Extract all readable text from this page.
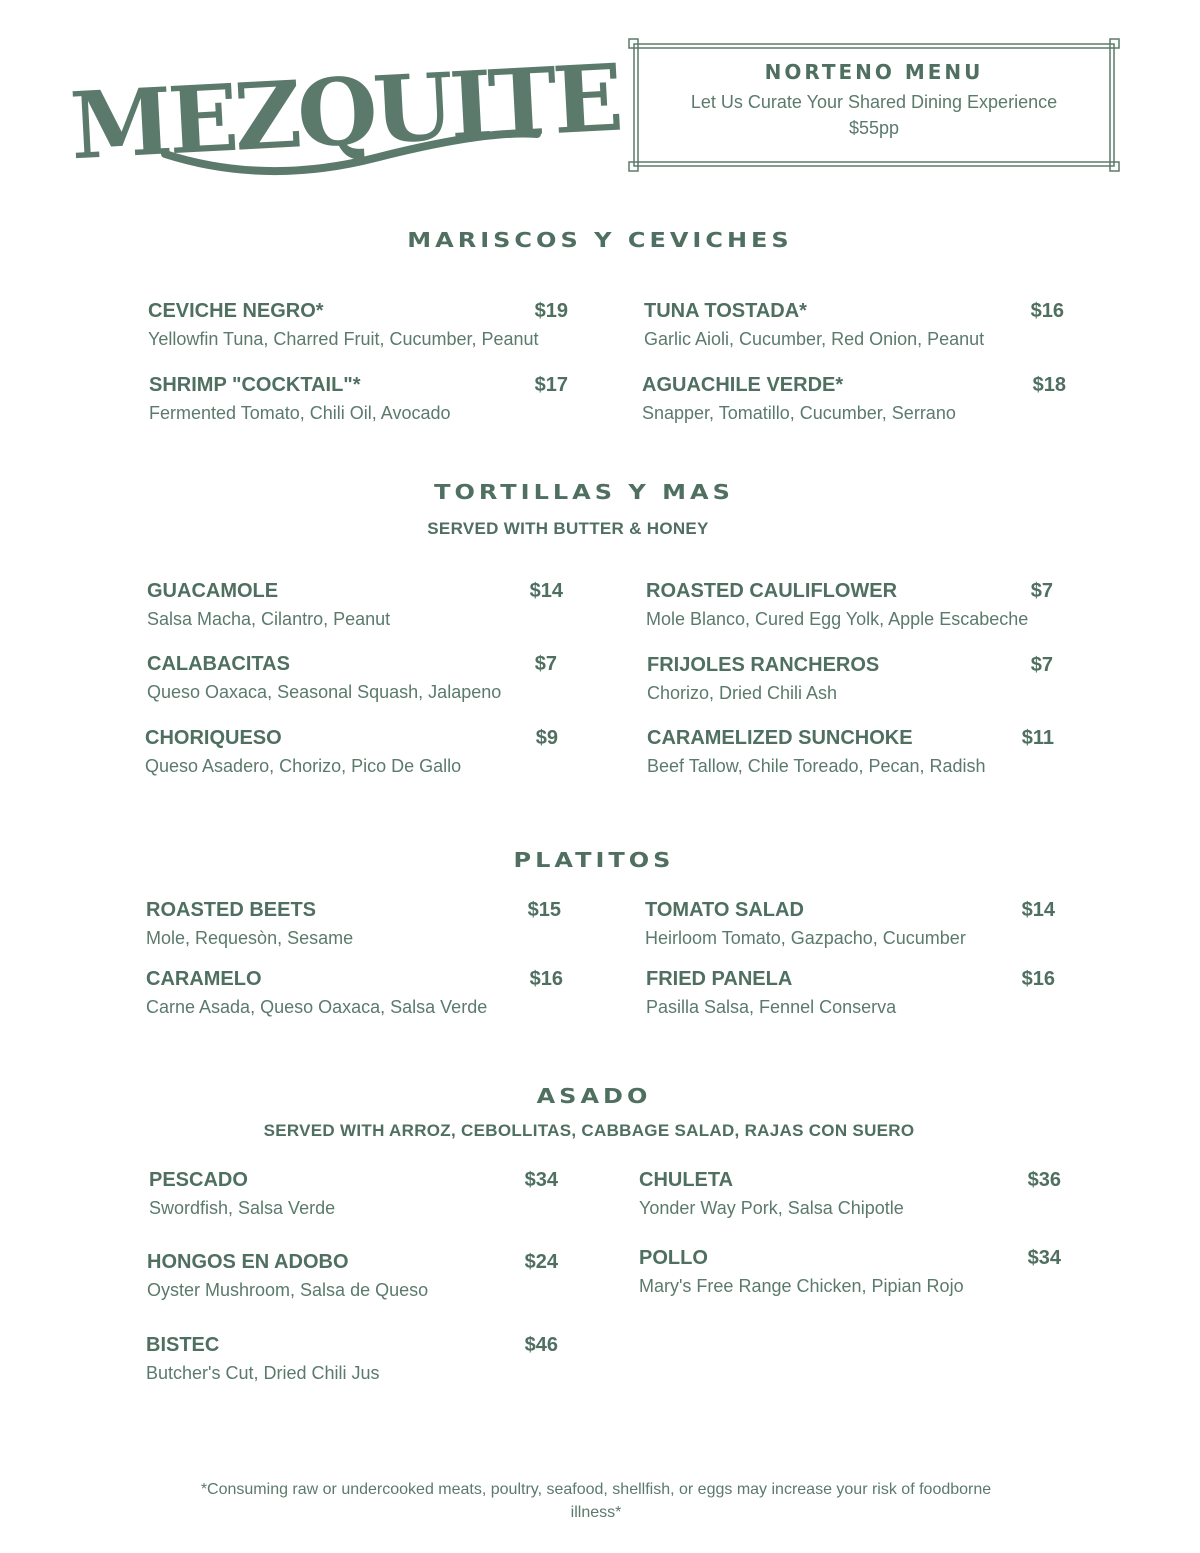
MEZQUITE	NORTENO MENU
Let Us Curate Your Shared Dining Experience
$55pp
MARISCOS Y CEVICHES
CEVICHE NEGRO*	$19
Yellowfin Tuna, Charred Fruit, Cucumber, Peanut
TUNA TOSTADA*	$16
Garlic Aioli, Cucumber, Red Onion, Peanut
SHRIMP "COCKTAIL"*	$17
Fermented Tomato, Chili Oil, Avocado
AGUACHILE VERDE*	$18
Snapper, Tomatillo, Cucumber, Serrano
TORTILLAS Y MAS
SERVED WITH BUTTER & HONEY
GUACAMOLE	$14
Salsa Macha, Cilantro, Peanut
ROASTED CAULIFLOWER	$7
Mole Blanco, Cured Egg Yolk, Apple Escabeche
CALABACITAS	$7
Queso Oaxaca, Seasonal Squash, Jalapeno
FRIJOLES RANCHEROS	$7
Chorizo, Dried Chili Ash
CHORIQUESO	$9
Queso Asadero, Chorizo, Pico De Gallo
CARAMELIZED SUNCHOKE	$11
Beef Tallow, Chile Toreado, Pecan, Radish
PLATITOS
ROASTED BEETS	$15
Mole, Requesòn, Sesame
TOMATO SALAD	$14
Heirloom Tomato, Gazpacho, Cucumber
CARAMELO	$16
Carne Asada, Queso Oaxaca, Salsa Verde
FRIED PANELA	$16
Pasilla Salsa, Fennel Conserva
ASADO
SERVED WITH ARROZ, CEBOLLITAS, CABBAGE SALAD, RAJAS CON SUERO
PESCADO	$34
Swordfish, Salsa Verde
CHULETA	$36
Yonder Way Pork, Salsa Chipotle
HONGOS EN ADOBO	$24
Oyster Mushroom, Salsa de Queso
POLLO	$34
Mary's Free Range Chicken, Pipian Rojo
BISTEC	$46
Butcher's Cut, Dried Chili Jus
*Consuming raw or undercooked meats, poultry, seafood, shellfish, or eggs may increase your risk of foodborne illness*
